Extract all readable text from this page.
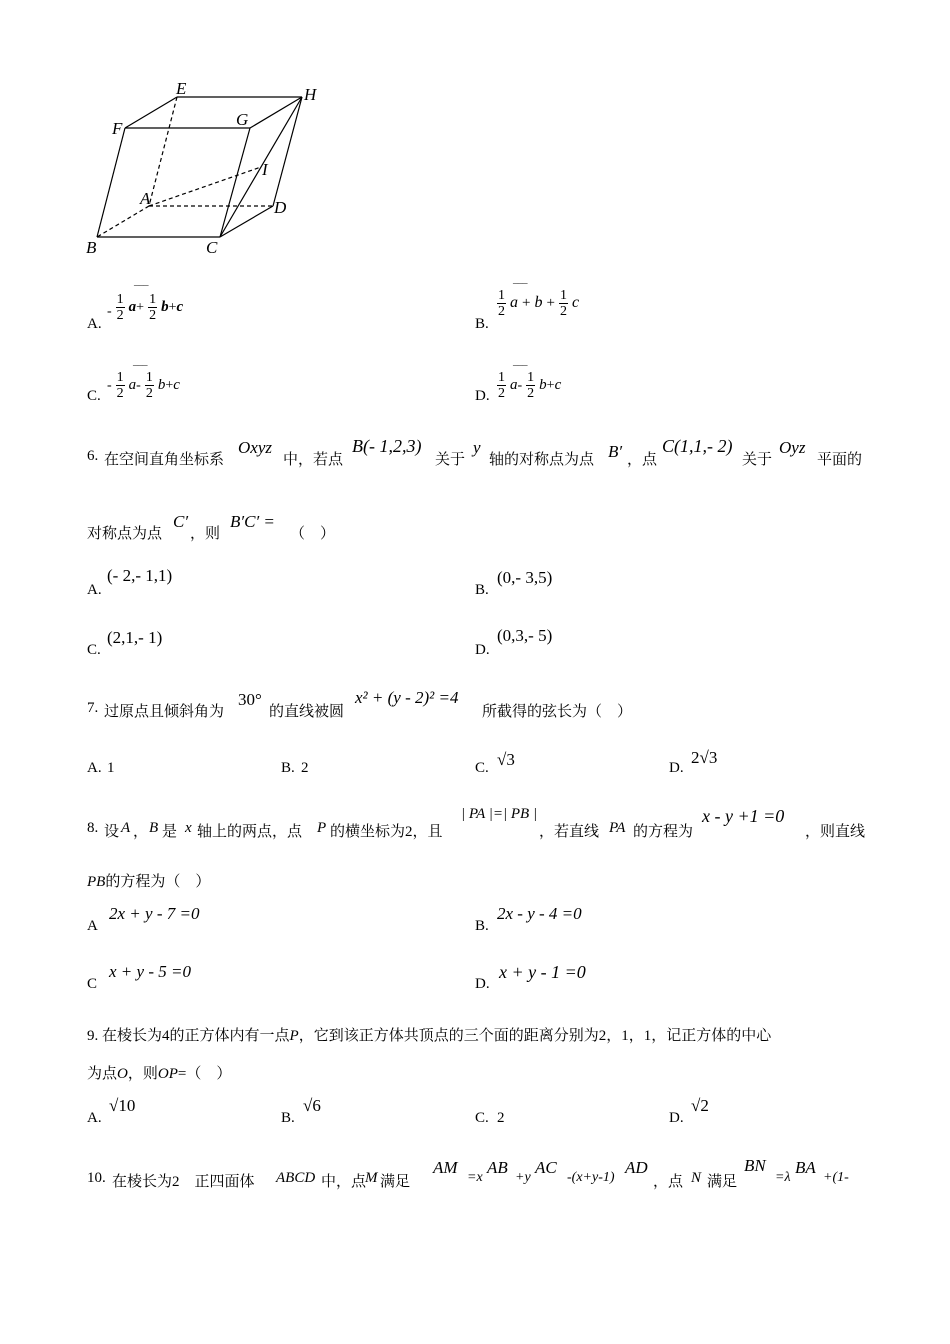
E
F	G
H
I
A	D
B	C
A.
- $\frac{1}{2} a+ \frac{1}{2} b+c$
¯¯¯
B.
$\frac{1}{2}$ $a + b + \frac{1}{2}$ c
¯¯¯
C.
- $\frac{1}{2} a- \frac{1}{2} b+c$
¯¯¯
D. $\frac{1}{2} a- \frac{1}{2} b+c$
¯¯¯
6. 在空间直角坐标系
Oxyz
中，若点
B(- 1,2,3)
关于
y
轴的对称点为点 B′ ，点
C(1,1,- 2)
关于
Oyz
平面的
对称点为点
C′
，则
B′C′ =
（　）
A.
(- 2,- 1,1)
B.
(0,- 3,5)
C.
(2,1,- 1)
D.
(0,3,- 5)
7. 过原点且倾斜角为
30°
的直线被圆
x² + (y - 2)² =4
所截得的弦长为（　）
A. 1	B. 2	C. √3	D.
2√3
8. 设 A ， B 是 x 轴上的两点，点 P 的横坐标为2，且
| PA |=| PB |
，若直线 PA 的方程为
x - y +1 =0
，则直线
PB的方程为（　）
A
2x + y - 7 =0
B.
2x - y - 4 =0
C
x + y - 5 =0
D.
x + y - 1 =0
9. 在棱长为4的正方体内有一点P，它到该正方体共顶点的三个面的距离分别为2，1，1，记正方体的中心
为点O，则OP=（　）
A.
√10
B.
√6
C. 2	D.
√2
10. 在棱长为2　正四面体 ABCD 中，点
M 满足
AM
=x
AB
+y
AC
-(x+y-1)
AD
，点 N 满足
BN
=λ
BA
+(1-
